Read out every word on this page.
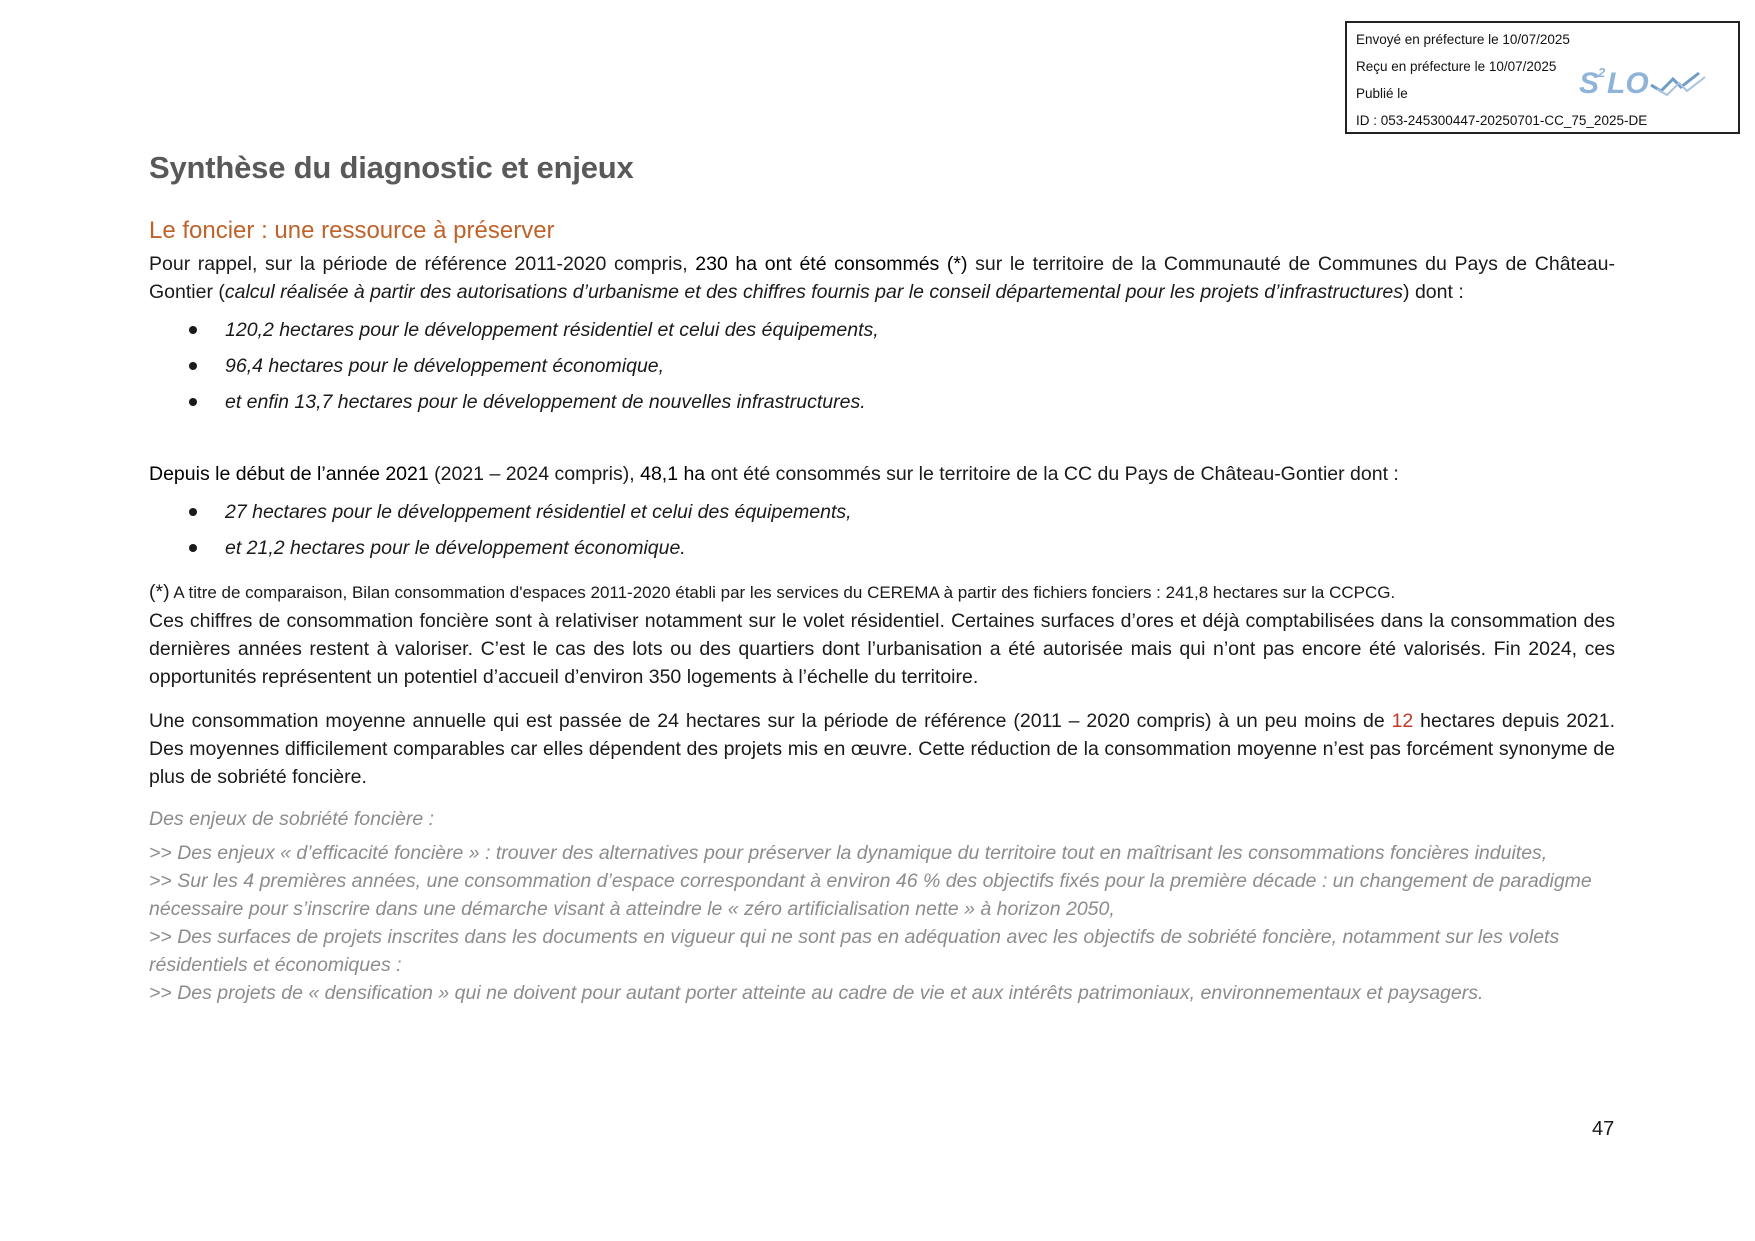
Envoyé en préfecture le 10/07/2025
Reçu en préfecture le 10/07/2025
Publié le
ID : 053-245300447-20250701-CC_75_2025-DE
S
2 LO
Synthèse du diagnostic et enjeux
Le foncier : une ressource à préserver

Pour rappel, sur la période de référence 2011-2020 compris, 230 ha ont été consommés (*) sur le territoire de la Communauté de Communes du Pays de Château-Gontier (calcul réalisée à partir des autorisations d’urbanisme et des chiffres fournis par le conseil départemental pour les projets d’infrastructures) dont :

120,2 hectares pour le développement résidentiel et celui des équipements,
96,4 hectares pour le développement économique,
et enfin 13,7 hectares pour le développement de nouvelles infrastructures.

Depuis le début de l’année 2021 (2021 – 2024 compris), 48,1 ha ont été consommés sur le territoire de la CC du Pays de Château-Gontier dont :

27 hectares pour le développement résidentiel et celui des équipements,
et 21,2 hectares pour le développement économique.

(*) A titre de comparaison, Bilan consommation d'espaces 2011-2020 établi par les services du CEREMA à partir des fichiers fonciers : 241,8 hectares sur la CCPCG.

Ces chiffres de consommation foncière sont à relativiser notamment sur le volet résidentiel. Certaines surfaces d’ores et déjà comptabilisées dans la consommation des dernières années restent à valoriser. C’est le cas des lots ou des quartiers dont l’urbanisation a été autorisée mais qui n’ont pas encore été valorisés. Fin 2024, ces opportunités représentent un potentiel d’accueil d’environ 350 logements à l’échelle du territoire.

Une consommation moyenne annuelle qui est passée de 24 hectares sur la période de référence (2011 – 2020 compris) à un peu moins de 12 hectares depuis 2021. Des moyennes difficilement comparables car elles dépendent des projets mis en œuvre. Cette réduction de la consommation moyenne n’est pas forcément synonyme de plus de sobriété foncière.

Des enjeux de sobriété foncière :

>> Des enjeux « d’efficacité foncière » : trouver des alternatives pour préserver la dynamique du territoire tout en maîtrisant les consommations foncières induites,

>> Sur les 4 premières années, une consommation d’espace correspondant à environ 46 % des objectifs fixés pour la première décade : un changement de paradigme nécessaire pour s’inscrire dans une démarche visant à atteindre le « zéro artificialisation nette » à horizon 2050,

>> Des surfaces de projets inscrites dans les documents en vigueur qui ne sont pas en adéquation avec les objectifs de sobriété foncière, notamment sur les volets résidentiels et économiques :

>> Des projets de « densification » qui ne doivent pour autant porter atteinte au cadre de vie et aux intérêts patrimoniaux, environnementaux et paysagers.

47
